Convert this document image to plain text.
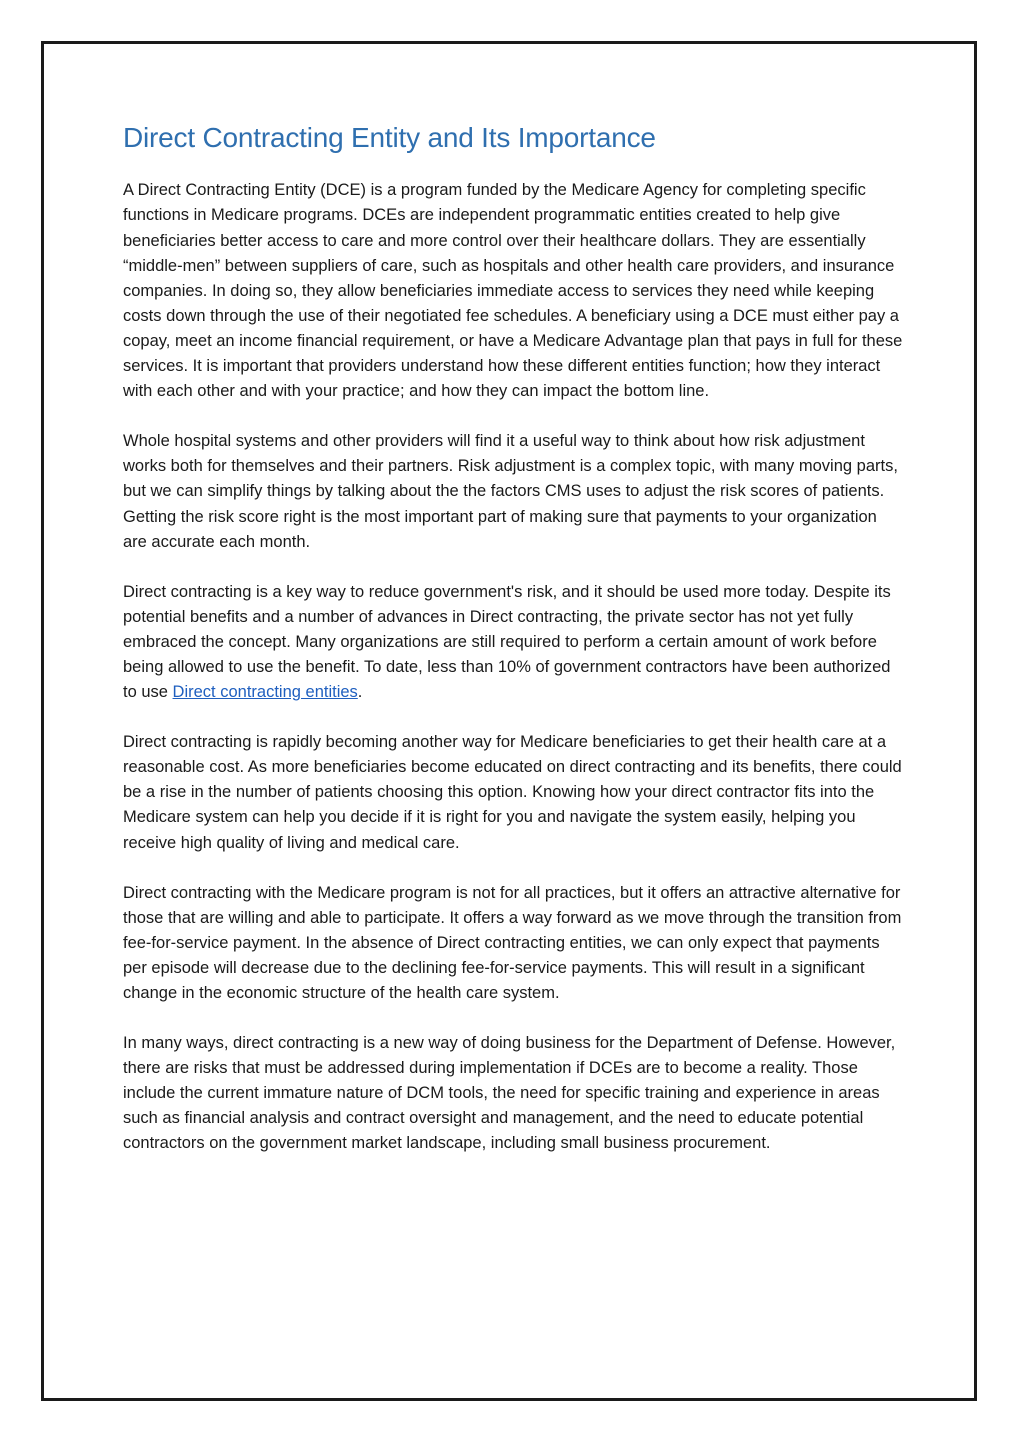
Direct Contracting Entity and Its Importance

A Direct Contracting Entity (DCE) is a program funded by the Medicare Agency for completing specific functions in Medicare programs. DCEs are independent programmatic entities created to help give beneficiaries better access to care and more control over their healthcare dollars. They are essentially “middle-men” between suppliers of care, such as hospitals and other health care providers, and insurance companies. In doing so, they allow beneficiaries immediate access to services they need while keeping costs down through the use of their negotiated fee schedules. A beneficiary using a DCE must either pay a copay, meet an income financial requirement, or have a Medicare Advantage plan that pays in full for these services. It is important that providers understand how these different entities function; how they interact with each other and with your practice; and how they can impact the bottom line.

Whole hospital systems and other providers will find it a useful way to think about how risk adjustment works both for themselves and their partners. Risk adjustment is a complex topic, with many moving parts, but we can simplify things by talking about the the factors CMS uses to adjust the risk scores of patients. Getting the risk score right is the most important part of making sure that payments to your organization are accurate each month.

Direct contracting is a key way to reduce government's risk, and it should be used more today. Despite its potential benefits and a number of advances in Direct contracting, the private sector has not yet fully embraced the concept. Many organizations are still required to perform a certain amount of work before being allowed to use the benefit. To date, less than 10% of government contractors have been authorized to use Direct contracting entities.

Direct contracting is rapidly becoming another way for Medicare beneficiaries to get their health care at a reasonable cost. As more beneficiaries become educated on direct contracting and its benefits, there could be a rise in the number of patients choosing this option. Knowing how your direct contractor fits into the Medicare system can help you decide if it is right for you and navigate the system easily, helping you receive high quality of living and medical care.

Direct contracting with the Medicare program is not for all practices, but it offers an attractive alternative for those that are willing and able to participate. It offers a way forward as we move through the transition from fee-for-service payment. In the absence of Direct contracting entities, we can only expect that payments per episode will decrease due to the declining fee-for-service payments. This will result in a significant change in the economic structure of the health care system.

In many ways, direct contracting is a new way of doing business for the Department of Defense. However, there are risks that must be addressed during implementation if DCEs are to become a reality. Those include the current immature nature of DCM tools, the need for specific training and experience in areas such as financial analysis and contract oversight and management, and the need to educate potential contractors on the government market landscape, including small business procurement.
